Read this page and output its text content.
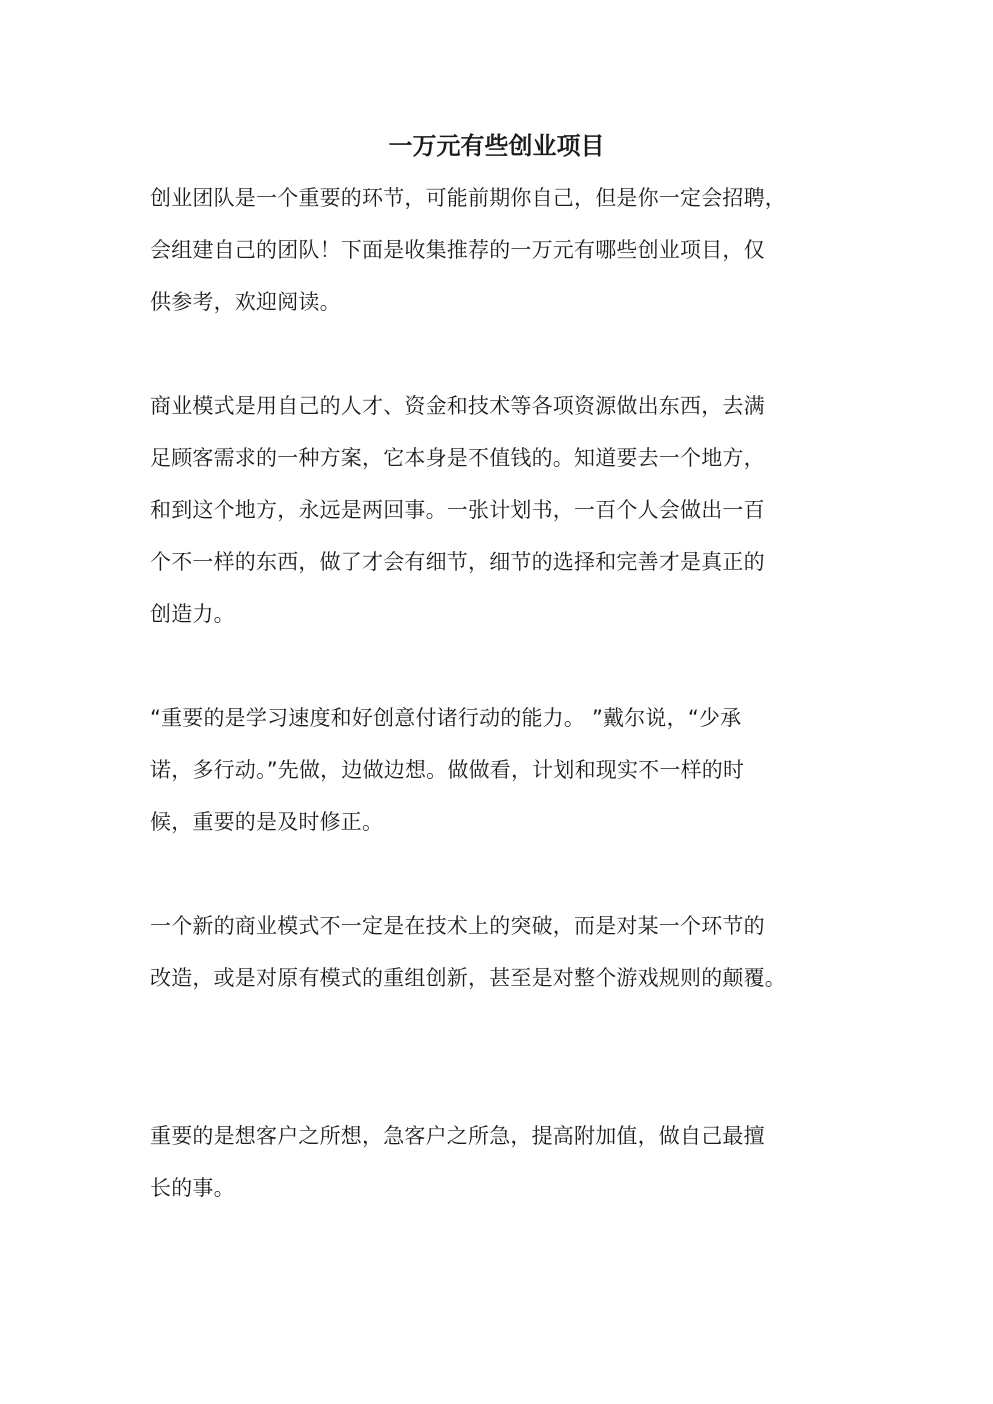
一万元有些创业项目
创业团队是一个重要的环节，可能前期你自己，但是你一定会招聘，
会组建自己的团队！下面是收集推荐的一万元有哪些创业项目，仅
供参考，欢迎阅读。
商业模式是用自己的人才、资金和技术等各项资源做出东西，去满
足顾客需求的一种方案，它本身是不值钱的。知道要去一个地方，
和到这个地方，永远是两回事。一张计划书，一百个人会做出一百
个不一样的东西，做了才会有细节，细节的选择和完善才是真正的
创造力。
“重要的是学习速度和好创意付诸行动的能力。 ”戴尔说，“少承
诺，多行动。”先做，边做边想。做做看，计划和现实不一样的时
候，重要的是及时修正。
一个新的商业模式不一定是在技术上的突破，而是对某一个环节的
改造，或是对原有模式的重组创新，甚至是对整个游戏规则的颠覆。
重要的是想客户之所想，急客户之所急，提高附加值，做自己最擅
长的事。
